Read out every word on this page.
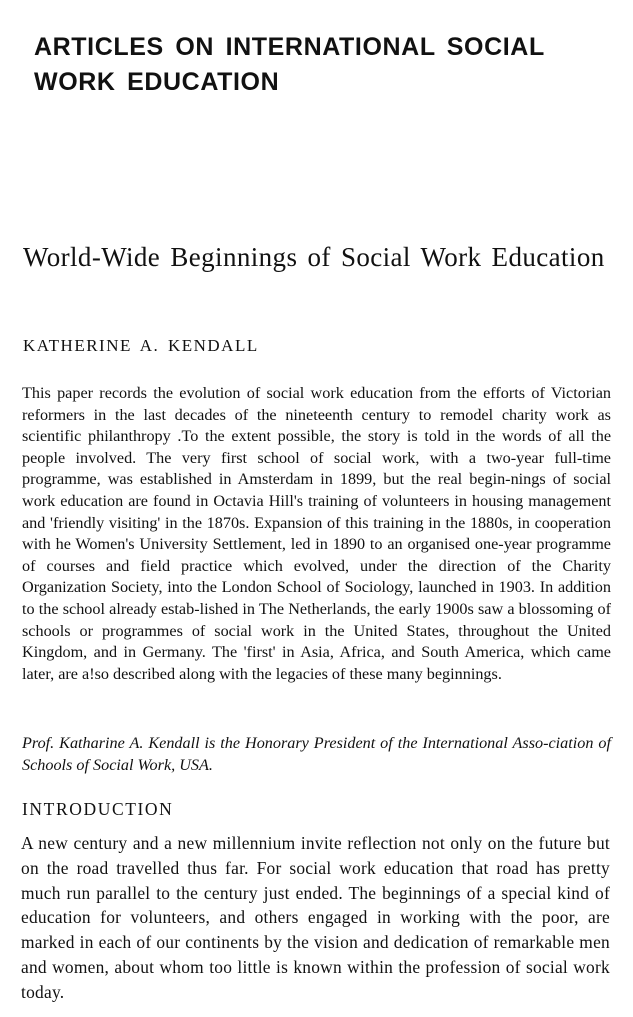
ARTICLES ON INTERNATIONAL SOCIAL WORK EDUCATION
World-Wide Beginnings of Social Work Education

KATHERINE A. KENDALL

This paper records the evolution of social work education from the efforts of Victorian reformers in the last decades of the nineteenth century to remodel charity work as scientific philanthropy .To the extent possible, the story is told in the words of all the people involved. The very first school of social work, with a two-year full-time programme, was established in Amsterdam in 1899, but the real begin-nings of social work education are found in Octavia Hill's training of volunteers in housing management and 'friendly visiting' in the 1870s. Expansion of this training in the 1880s, in cooperation with he Women's University Settlement, led in 1890 to an organised one-year programme of courses and field practice which evolved, under the direction of the Charity Organization Society, into the London School of Sociology, launched in 1903. In addition to the school already estab-lished in The Netherlands, the early 1900s saw a blossoming of schools or programmes of social work in the United States, throughout the United Kingdom, and in Germany. The 'first' in Asia, Africa, and South America, which came later, are a!so described along with the legacies of these many beginnings.

Prof. Katharine A. Kendall is the Honorary President of the International Asso-ciation of Schools of Social Work, USA.

INTRODUCTION

A new century and a new millennium invite reflection not only on the future but on the road travelled thus far. For social work education that road has pretty much run parallel to the century just ended. The beginnings of a special kind of education for volunteers, and others engaged in working with the poor, are marked in each of our continents by the vision and dedication of remarkable men and women, about whom too little is known within the profession of social work today.
